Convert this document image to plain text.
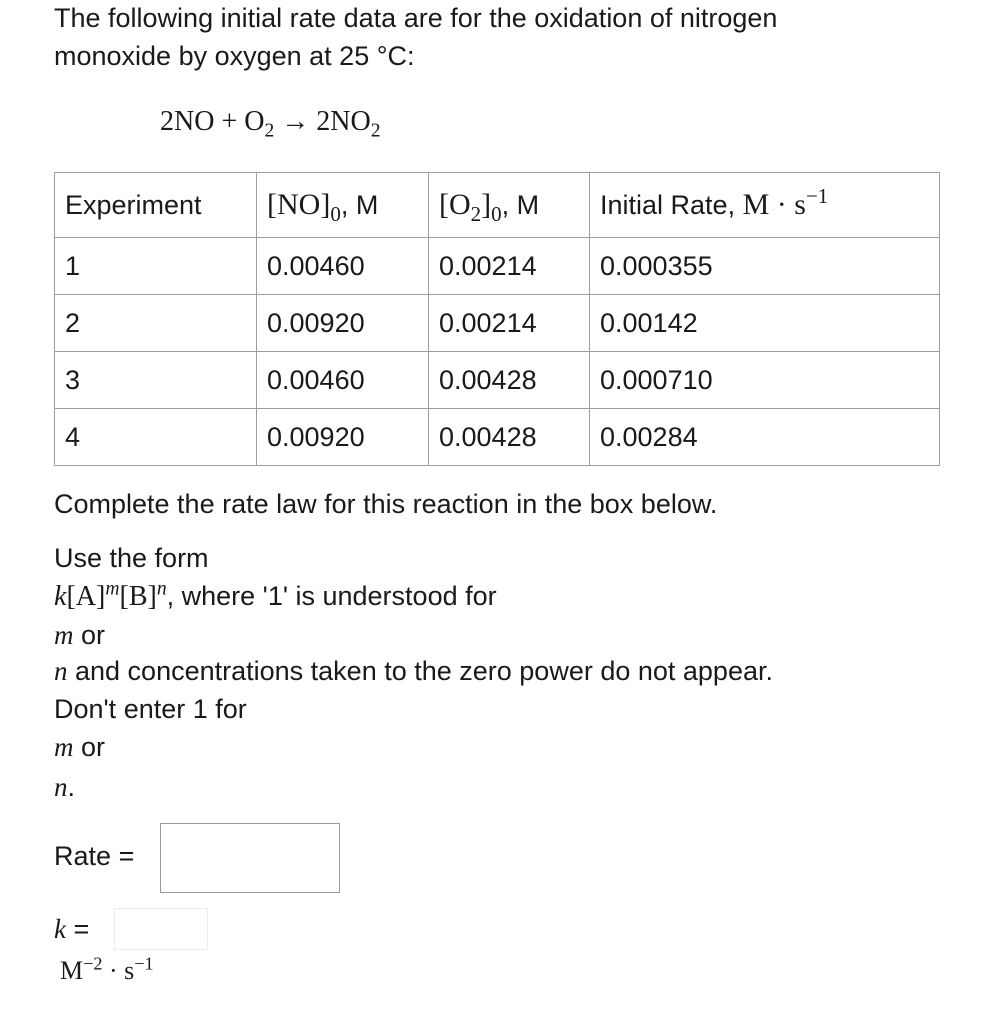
The following initial rate data are for the oxidation of nitrogen
monoxide by oxygen at 25 °C:
$2NO + O_2 \to 2NO_2$
Experiment	$[NO]_0$, M	$[O_2]_0$, M	Initial Rate, $M \cdot s^{-1}$
1	0.00460	0.00214	0.000355
2	0.00920	0.00214	0.00142
3	0.00460	0.00428	0.000710
4	0.00920	0.00428	0.00284
Complete the rate law for this reaction in the box below.
Use the form
$k[A]^m[B]^n$, where '1' is understood for
m or
n and concentrations taken to the zero power do not appear.
Don't enter 1 for
m or
n.
Rate =
k =
$M^{-2} \cdot s^{-1}$
